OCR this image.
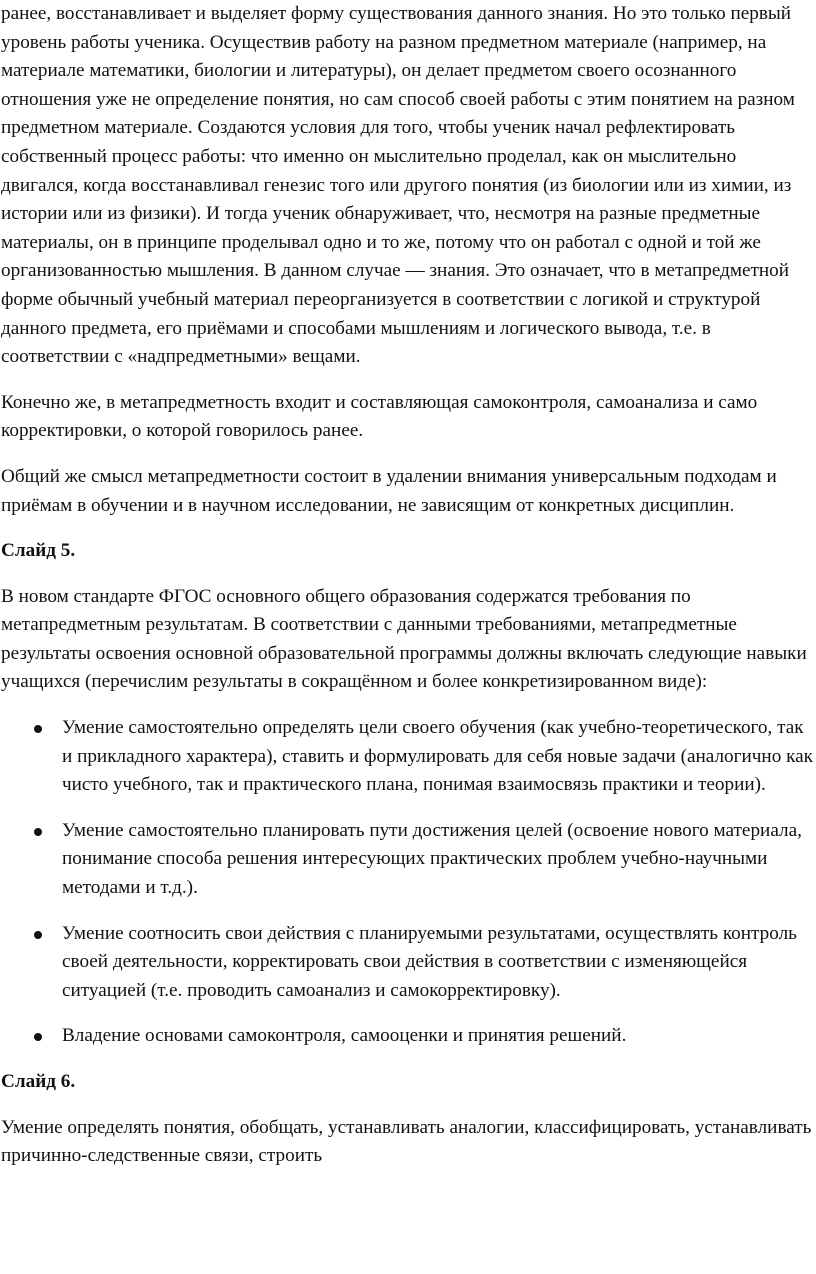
ранее, восстанавливает и выделяет форму существования данного знания. Но это только первый уровень работы ученика. Осуществив работу на разном предметном материале (например, на материале математики, биологии и литературы), он делает предметом своего осознанного отношения уже не определение понятия, но сам способ своей работы с этим понятием на разном предметном материале. Создаются условия для того, чтобы ученик начал рефлектировать собственный процесс работы: что именно он мыслительно проделал, как он мыслительно двигался, когда восстанавливал генезис того или другого понятия (из биологии или из химии, из истории или из физики). И тогда ученик обнаруживает, что, несмотря на разные предметные материалы, он в принципе проделывал одно и то же, потому что он работал с одной и той же организованностью мышления. В данном случае — знания. Это означает, что в метапредметной форме обычный учебный материал переорганизуется в соответствии с логикой и структурой данного предмета, его приёмами и способами мышлениям и логического вывода, т.е. в соответствии с «надпредметными» вещами.

Конечно же, в метапредметность входит и составляющая самоконтроля, самоанализа и само корректировки, о которой говорилось ранее.

Общий же смысл метапредметности состоит в удалении внимания универсальным подходам и приёмам в обучении и в научном исследовании, не зависящим от конкретных дисциплин.

Слайд 5.

В новом стандарте ФГОС основного общего образования содержатся требования по метапредметным результатам. В соответствии с данными требованиями, метапредметные результаты освоения основной образовательной программы должны включать следующие навыки учащихся (перечислим результаты в сокращённом и более конкретизированном виде):

Умение самостоятельно определять цели своего обучения (как учебно-теоретического, так и прикладного характера), ставить и формулировать для себя новые задачи (аналогично как чисто учебного, так и практического плана, понимая взаимосвязь практики и теории).
Умение самостоятельно планировать пути достижения целей (освоение нового материала, понимание способа решения интересующих практических проблем учебно-научными методами и т.д.).
Умение соотносить свои действия с планируемыми результатами, осуществлять контроль своей деятельности, корректировать свои действия в соответствии с изменяющейся ситуацией (т.е. проводить самоанализ и самокорректировку).
Владение основами самоконтроля, самооценки и принятия решений.

Слайд 6.

Умение определять понятия, обобщать, устанавливать аналогии, классифицировать, устанавливать причинно-следственные связи, строить
